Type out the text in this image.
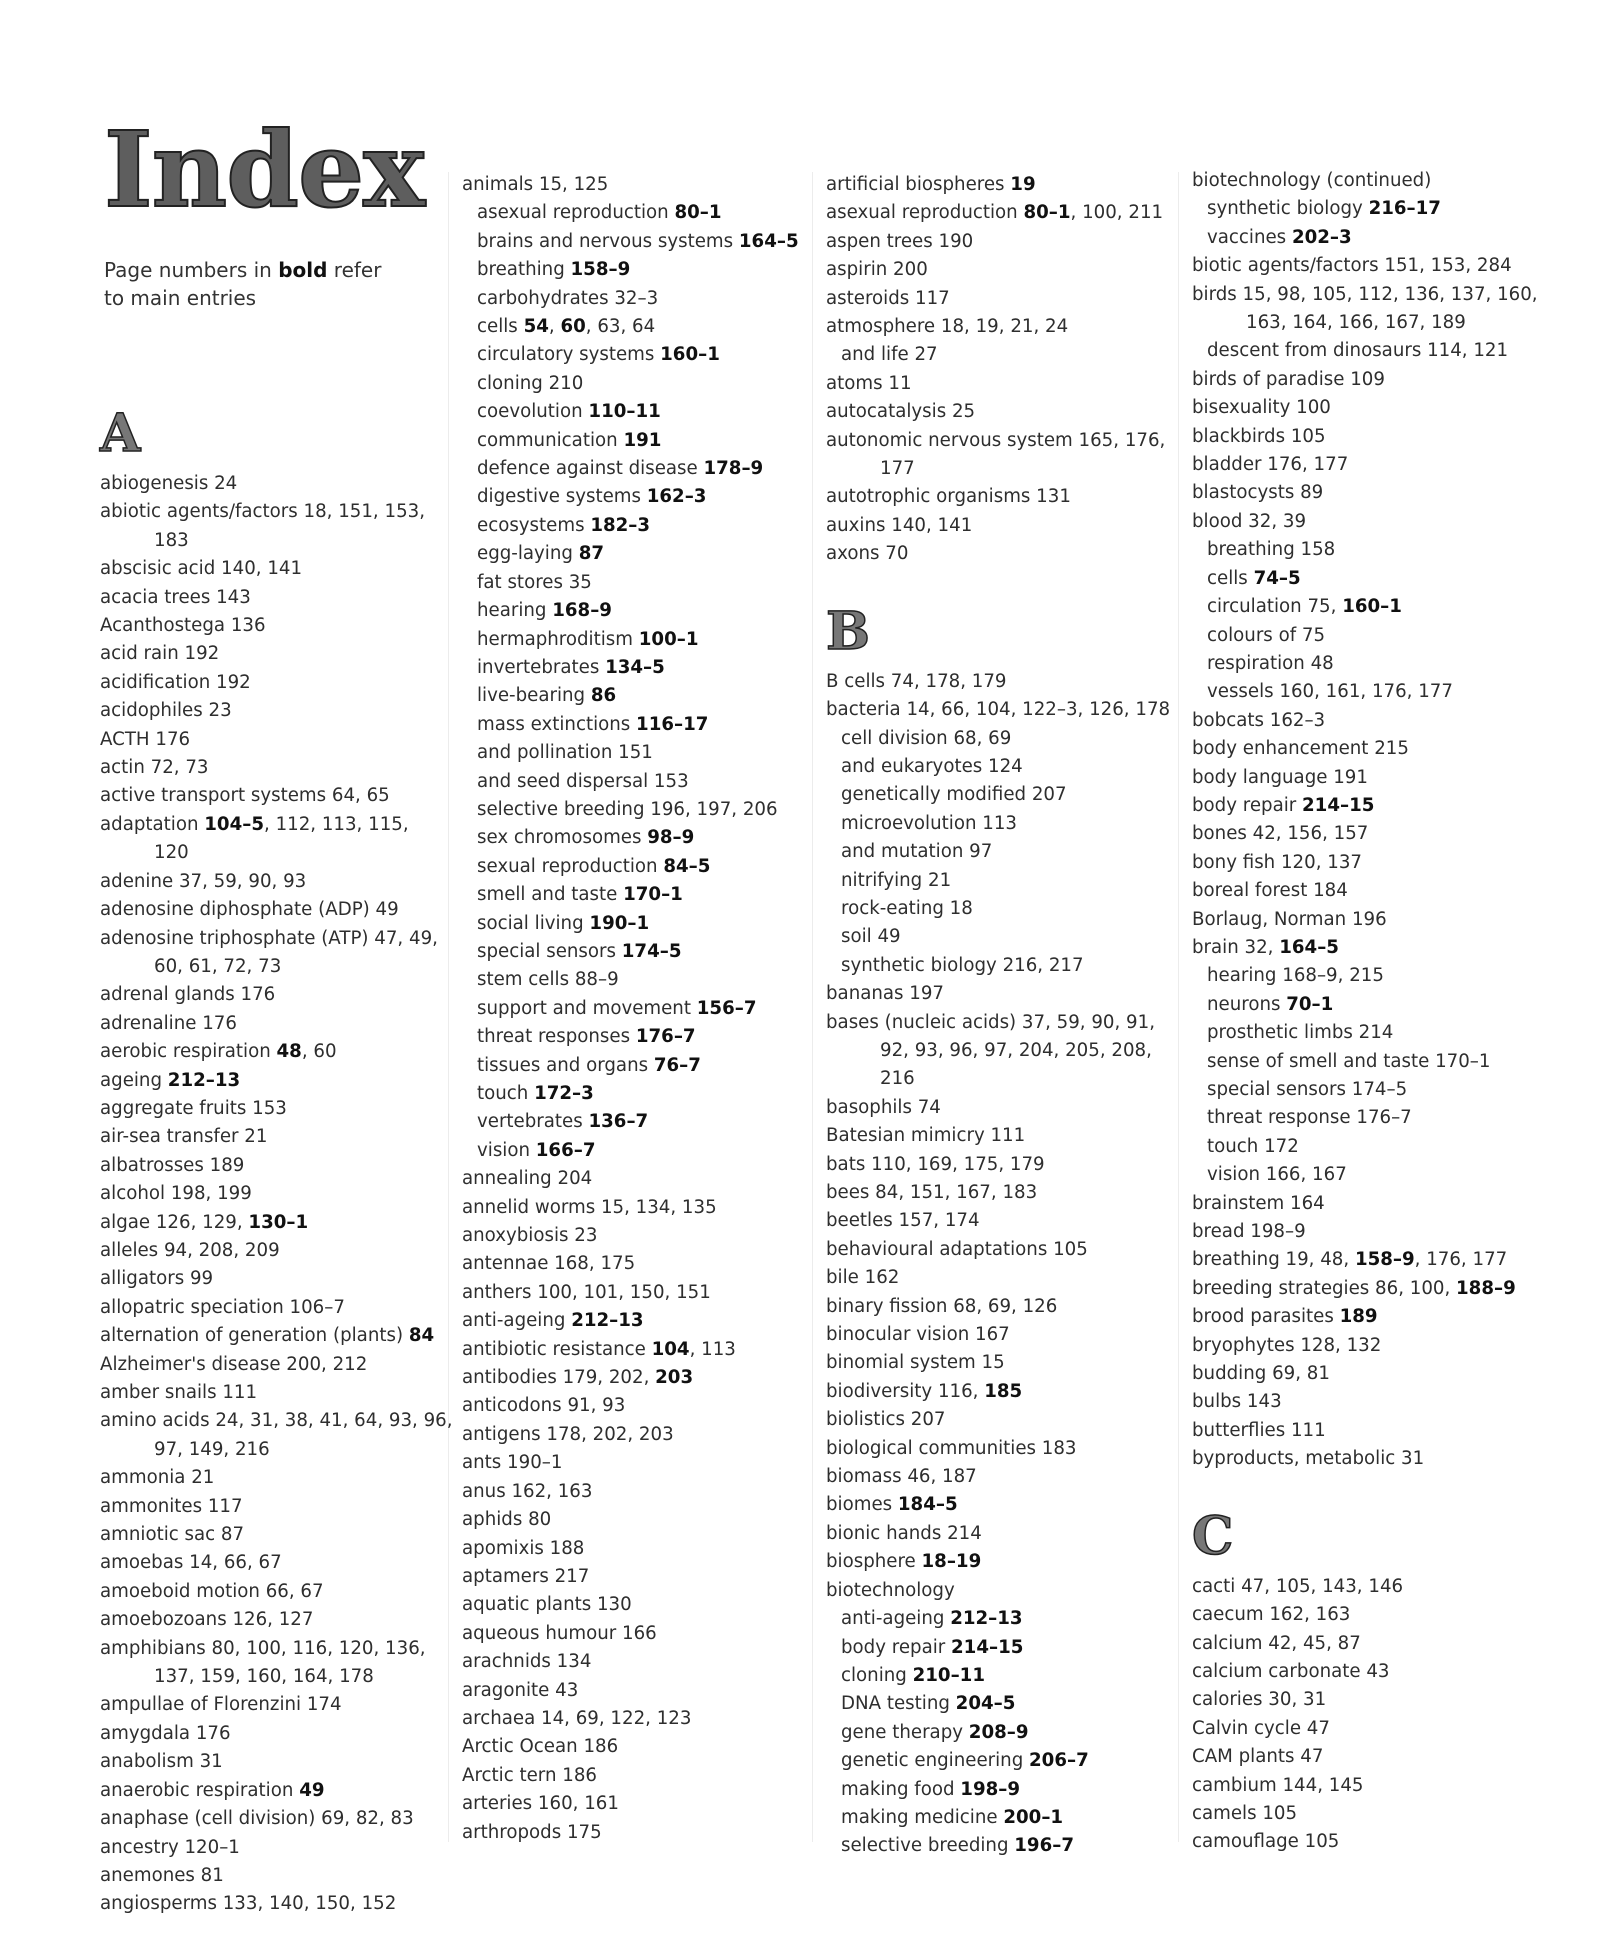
Index
Page numbers in bold refer to main entries
A
abiogenesis 24
abiotic agents/factors 18, 151, 153,
183
abscisic acid 140, 141
acacia trees 143
Acanthostega 136
acid rain 192
acidification 192
acidophiles 23
ACTH 176
actin 72, 73
active transport systems 64, 65
adaptation 104–5, 112, 113, 115,
120
adenine 37, 59, 90, 93
adenosine diphosphate (ADP) 49
adenosine triphosphate (ATP) 47, 49,
60, 61, 72, 73
adrenal glands 176
adrenaline 176
aerobic respiration 48, 60
ageing 212–13
aggregate fruits 153
air-sea transfer 21
albatrosses 189
alcohol 198, 199
algae 126, 129, 130–1
alleles 94, 208, 209
alligators 99
allopatric speciation 106–7
alternation of generation (plants) 84
Alzheimer's disease 200, 212
amber snails 111
amino acids 24, 31, 38, 41, 64, 93, 96,
97, 149, 216
ammonia 21
ammonites 117
amniotic sac 87
amoebas 14, 66, 67
amoeboid motion 66, 67
amoebozoans 126, 127
amphibians 80, 100, 116, 120, 136,
137, 159, 160, 164, 178
ampullae of Florenzini 174
amygdala 176
anabolism 31
anaerobic respiration 49
anaphase (cell division) 69, 82, 83
ancestry 120–1
anemones 81
angiosperms 133, 140, 150, 152
animals 15, 125
asexual reproduction 80–1
brains and nervous systems 164–5
breathing 158–9
carbohydrates 32–3
cells 54, 60, 63, 64
circulatory systems 160–1
cloning 210
coevolution 110–11
communication 191
defence against disease 178–9
digestive systems 162–3
ecosystems 182–3
egg-laying 87
fat stores 35
hearing 168–9
hermaphroditism 100–1
invertebrates 134–5
live-bearing 86
mass extinctions 116–17
and pollination 151
and seed dispersal 153
selective breeding 196, 197, 206
sex chromosomes 98–9
sexual reproduction 84–5
smell and taste 170–1
social living 190–1
special sensors 174–5
stem cells 88–9
support and movement 156–7
threat responses 176–7
tissues and organs 76–7
touch 172–3
vertebrates 136–7
vision 166–7
annealing 204
annelid worms 15, 134, 135
anoxybiosis 23
antennae 168, 175
anthers 100, 101, 150, 151
anti-ageing 212–13
antibiotic resistance 104, 113
antibodies 179, 202, 203
anticodons 91, 93
antigens 178, 202, 203
ants 190–1
anus 162, 163
aphids 80
apomixis 188
aptamers 217
aquatic plants 130
aqueous humour 166
arachnids 134
aragonite 43
archaea 14, 69, 122, 123
Arctic Ocean 186
Arctic tern 186
arteries 160, 161
arthropods 175
artificial biospheres 19
asexual reproduction 80–1, 100, 211
aspen trees 190
aspirin 200
asteroids 117
atmosphere 18, 19, 21, 24
and life 27
atoms 11
autocatalysis 25
autonomic nervous system 165, 176,
177
autotrophic organisms 131
auxins 140, 141
axons 70
B
B cells 74, 178, 179
bacteria 14, 66, 104, 122–3, 126, 178
cell division 68, 69
and eukaryotes 124
genetically modified 207
microevolution 113
and mutation 97
nitrifying 21
rock-eating 18
soil 49
synthetic biology 216, 217
bananas 197
bases (nucleic acids) 37, 59, 90, 91,
92, 93, 96, 97, 204, 205, 208,
216
basophils 74
Batesian mimicry 111
bats 110, 169, 175, 179
bees 84, 151, 167, 183
beetles 157, 174
behavioural adaptations 105
bile 162
binary fission 68, 69, 126
binocular vision 167
binomial system 15
biodiversity 116, 185
biolistics 207
biological communities 183
biomass 46, 187
biomes 184–5
bionic hands 214
biosphere 18–19
biotechnology
anti-ageing 212–13
body repair 214–15
cloning 210–11
DNA testing 204–5
gene therapy 208–9
genetic engineering 206–7
making food 198–9
making medicine 200–1
selective breeding 196–7
biotechnology (continued)
synthetic biology 216–17
vaccines 202–3
biotic agents/factors 151, 153, 284
birds 15, 98, 105, 112, 136, 137, 160,
163, 164, 166, 167, 189
descent from dinosaurs 114, 121
birds of paradise 109
bisexuality 100
blackbirds 105
bladder 176, 177
blastocysts 89
blood 32, 39
breathing 158
cells 74–5
circulation 75, 160–1
colours of 75
respiration 48
vessels 160, 161, 176, 177
bobcats 162–3
body enhancement 215
body language 191
body repair 214–15
bones 42, 156, 157
bony fish 120, 137
boreal forest 184
Borlaug, Norman 196
brain 32, 164–5
hearing 168–9, 215
neurons 70–1
prosthetic limbs 214
sense of smell and taste 170–1
special sensors 174–5
threat response 176–7
touch 172
vision 166, 167
brainstem 164
bread 198–9
breathing 19, 48, 158–9, 176, 177
breeding strategies 86, 100, 188–9
brood parasites 189
bryophytes 128, 132
budding 69, 81
bulbs 143
butterflies 111
byproducts, metabolic 31
C
cacti 47, 105, 143, 146
caecum 162, 163
calcium 42, 45, 87
calcium carbonate 43
calories 30, 31
Calvin cycle 47
CAM plants 47
cambium 144, 145
camels 105
camouflage 105
